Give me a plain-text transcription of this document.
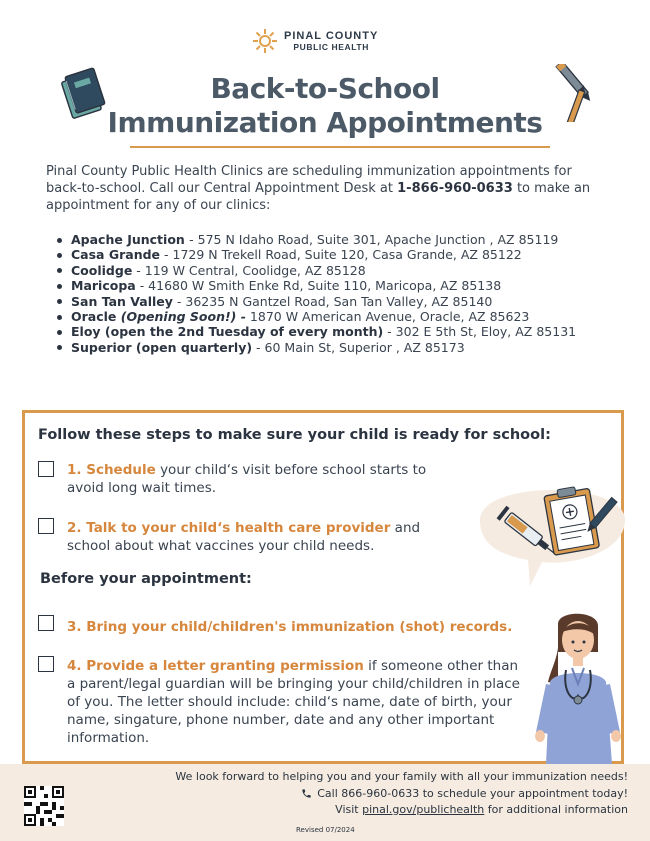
PINAL COUNTY
PUBLIC HEALTH
Back-to-School
Immunization Appointments
Pinal County Public Health Clinics are scheduling immunization appointments for back-to-school. Call our Central Appointment Desk at 1-866-960-0633 to make an appointment for any of our clinics:
Apache Junction - 575 N Idaho Road, Suite 301, Apache Junction , AZ 85119
Casa Grande - 1729 N Trekell Road, Suite 120, Casa Grande, AZ 85122
Coolidge - 119 W Central, Coolidge, AZ 85128
Maricopa - 41680 W Smith Enke Rd, Suite 110, Maricopa, AZ 85138
San Tan Valley - 36235 N Gantzel Road, San Tan Valley, AZ 85140
Oracle (Opening Soon!) - 1870 W American Avenue, Oracle, AZ 85623
Eloy (open the 2nd Tuesday of every month) - 302 E 5th St, Eloy, AZ 85131
Superior (open quarterly) - 60 Main St, Superior , AZ 85173
Follow these steps to make sure your child is ready for school:
1. Schedule your child‘s visit before school starts to avoid long wait times.
2. Talk to your child‘s health care provider and school about what vaccines your child needs.
Before your appointment:
3. Bring your child/children's immunization (shot) records.
4. Provide a letter granting permission if someone other than a parent/legal guardian will be bringing your child/children in place of you. The letter should include: child‘s name, date of birth, your name, singature, phone number, date and any other important information.
We look forward to helping you and your family with all your immunization needs!
Call 866-960-0633 to schedule your appointment today!
Visit pinal.gov/publichealth for additional information
Revised 07/2024
